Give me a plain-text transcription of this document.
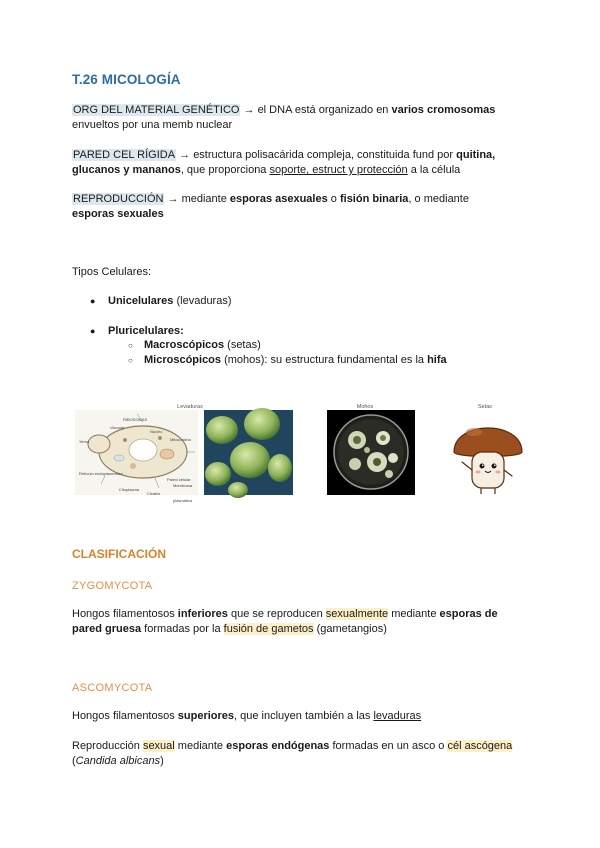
T.26 MICOLOGÍA
ORG DEL MATERIAL GENÉTICO → el DNA está organizado en varios cromosomas
envueltos por una memb nuclear
PARED CEL RÍGIDA → estructura polisacárida compleja, constituida fund por quitina,
glucanos y mananos, que proporciona soporte, estruct y protección a la célula
REPRODUCCIÓN → mediante esporas asexuales o fisión binaria, o mediante
esporas sexuales
Tipos Celulares:
● Unicelulares (levaduras)
● Pluricelulares:
○ Macroscópicos (setas)
○ Microscópicos (mohos): su estructura fundamental es la hifa
Levaduras	Mohos	Setas
RIBOSOMAS
Vacuola
Núcleo
Mitocondria
Pared celular
Membrana plasmática
Retículo endoplasmático
Citoplasma
Yema
Cicatriz
CLASIFICACIÓN
ZYGOMYCOTA
Hongos filamentosos inferiores que se reproducen sexualmente mediante esporas de
pared gruesa formadas por la fusión de gametos (gametangios)
ASCOMYCOTA
Hongos filamentosos superiores, que incluyen también a las levaduras
Reproducción sexual mediante esporas endógenas formadas en un asco o cél ascógena
(Candida albicans)
